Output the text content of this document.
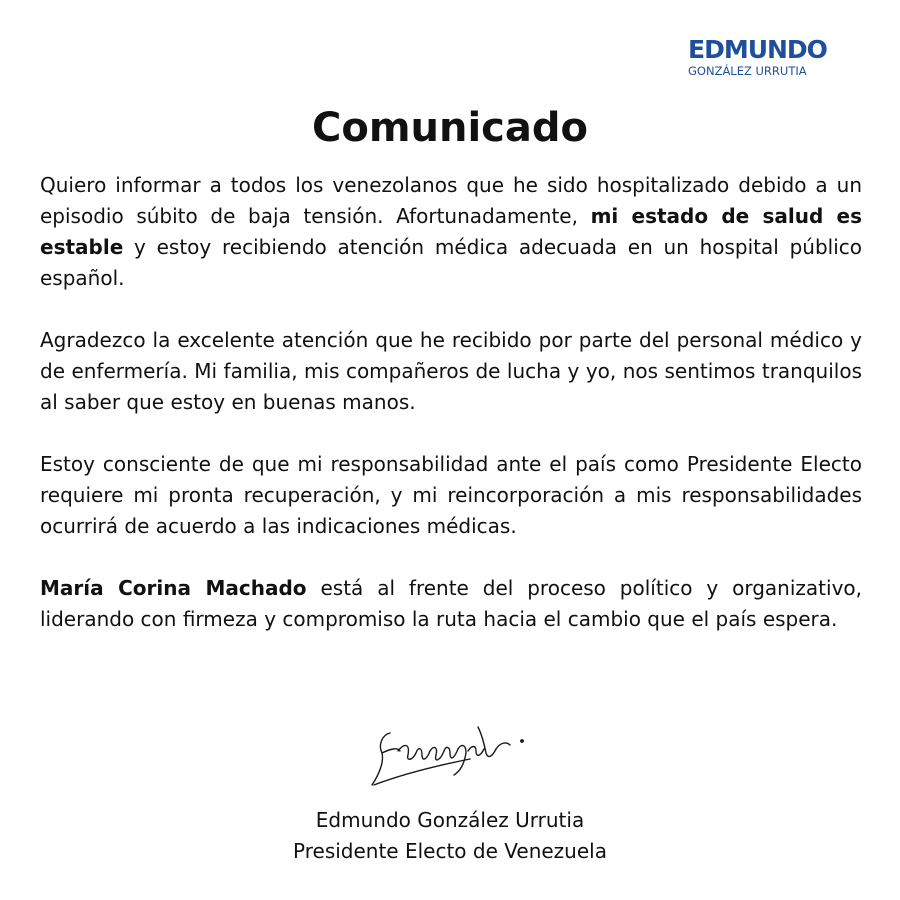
EDMUNDO
GONZÁLEZ URRUTIA
Comunicado

Quiero informar a todos los venezolanos que he sido hospitalizado debido a un episodio súbito de baja tensión. Afortunadamente, mi estado de salud es estable y estoy recibiendo atención médica adecuada en un hospital público español.

Agradezco la excelente atención que he recibido por parte del personal médico y de enfermería. Mi familia, mis compañeros de lucha y yo, nos sentimos tranquilos al saber que estoy en buenas manos.

Estoy consciente de que mi responsabilidad ante el país como Presidente Electo requiere mi pronta recuperación, y mi reincorporación a mis responsabilidades ocurrirá de acuerdo a las indicaciones médicas.

María Corina Machado está al frente del proceso político y organizativo, liderando con firmeza y compromiso la ruta hacia el cambio que el país espera.

Edmundo González Urrutia
Presidente Electo de Venezuela
